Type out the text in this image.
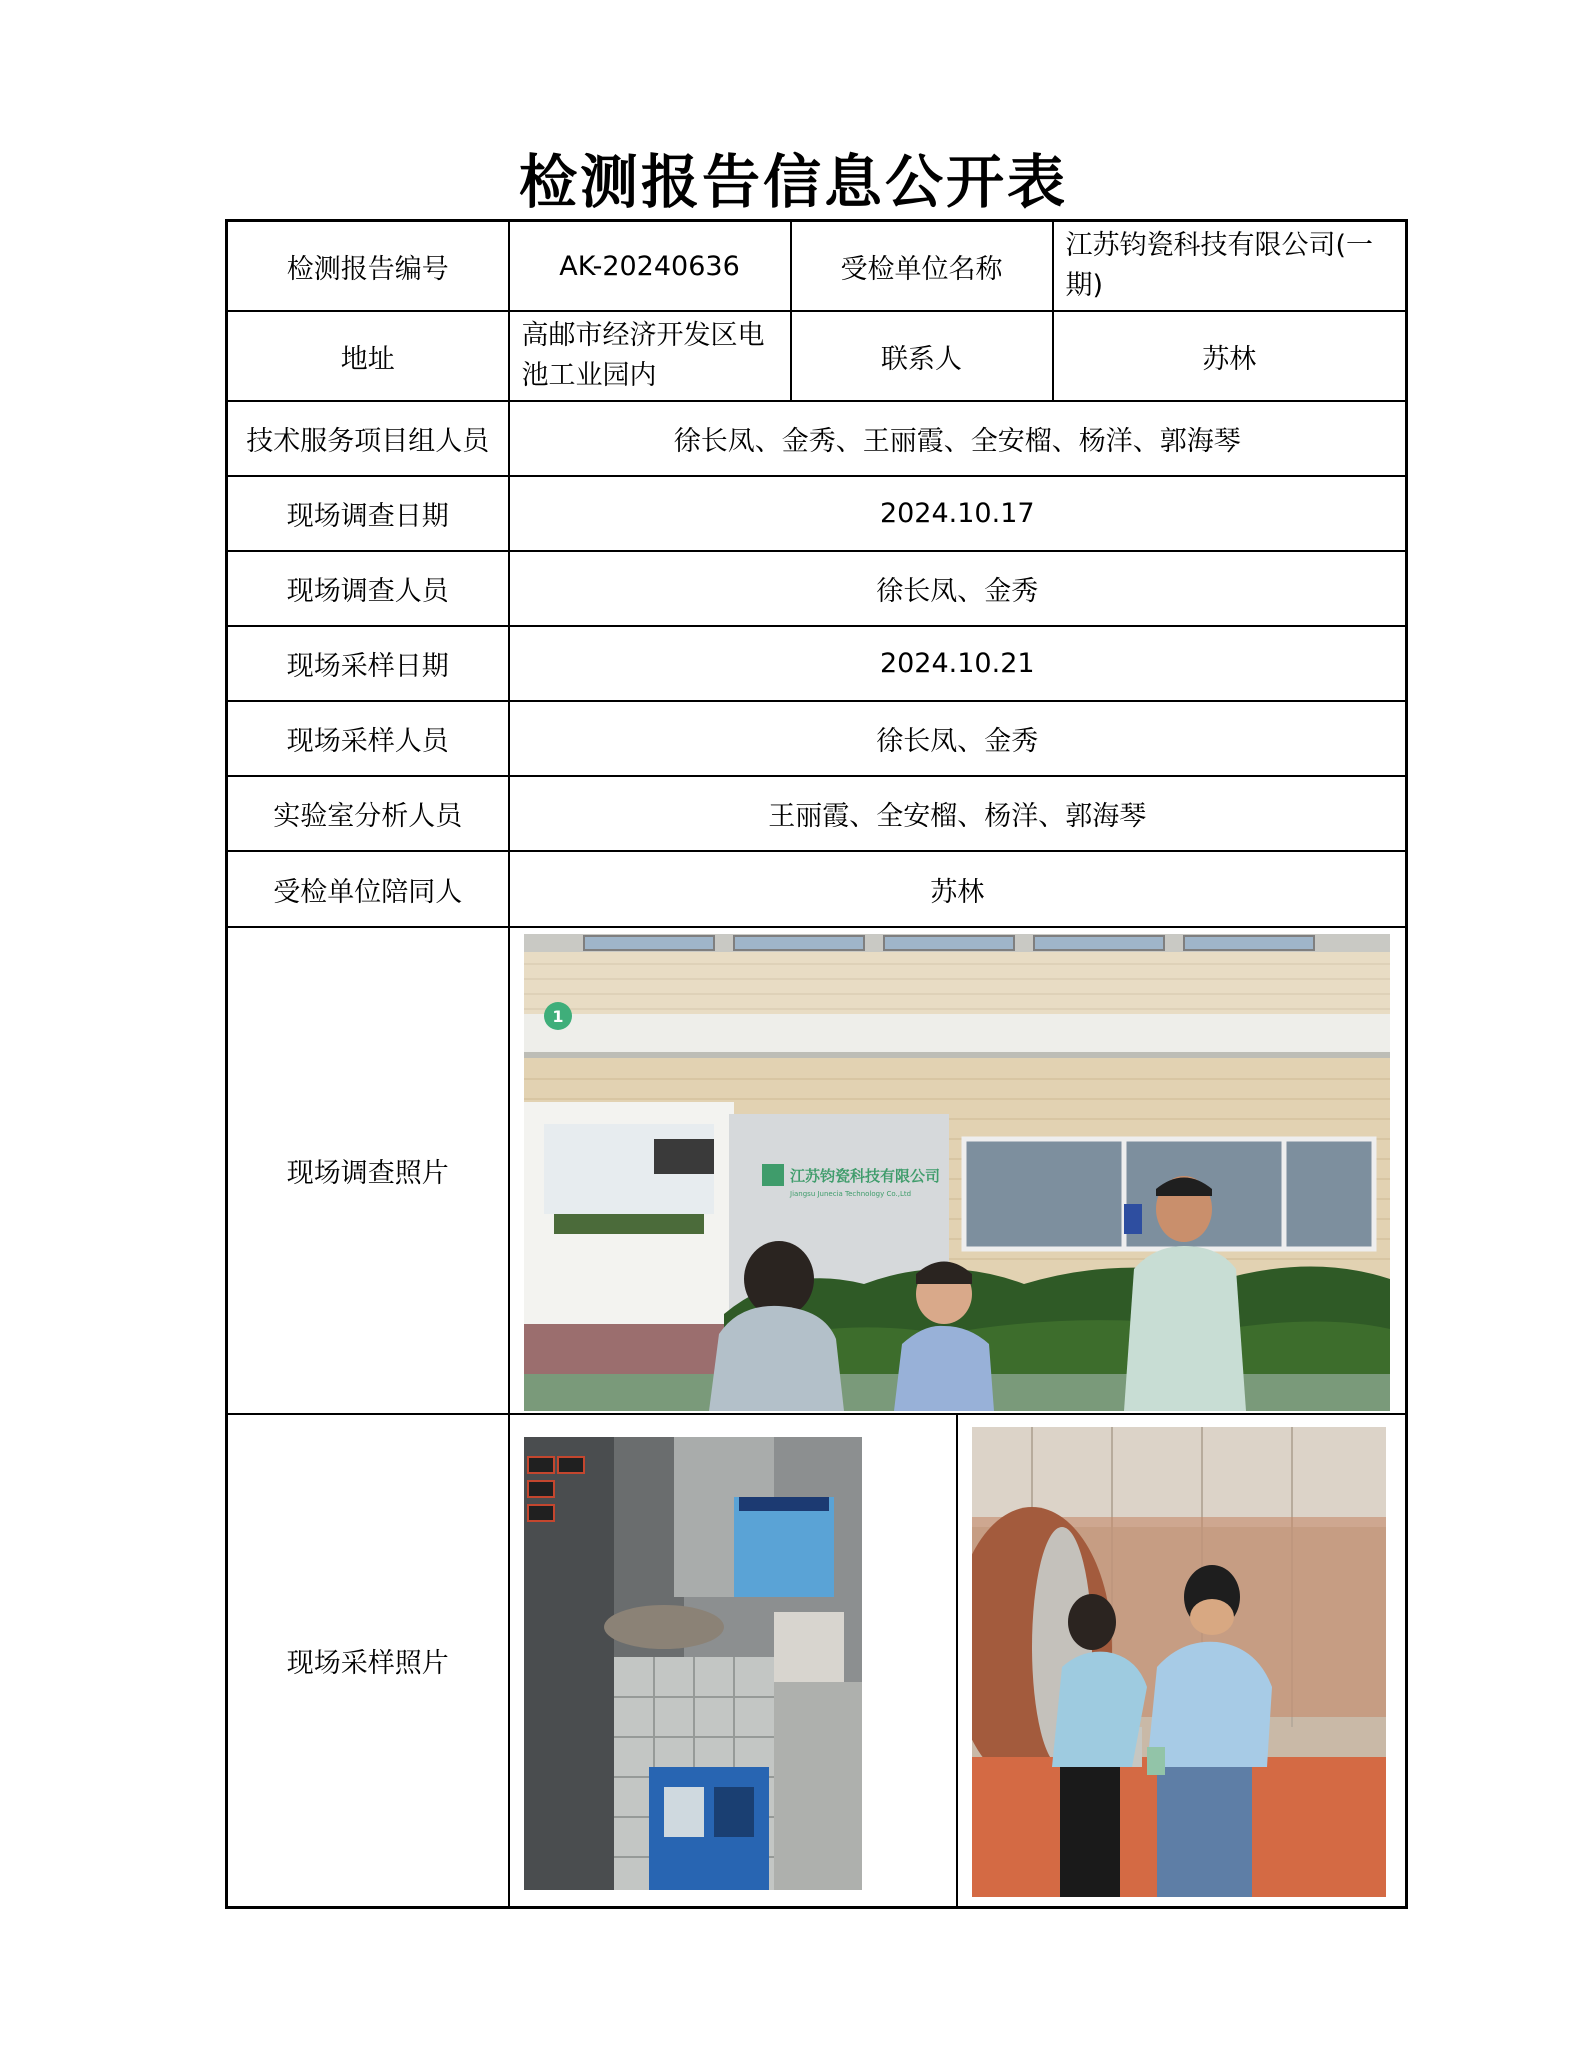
检测报告信息公开表
检测报告编号	AK-20240636	受检单位名称	江苏钧瓷科技有限公司(一期)
地址	高邮市经济开发区电池工业园内	联系人	苏林
技术服务项目组人员	徐长凤、金秀、王丽霞、全安榴、杨洋、郭海琴		
现场调查日期	2024.10.17		
现场调查人员	徐长凤、金秀		
现场采样日期	2024.10.21		
现场采样人员	徐长凤、金秀		
实验室分析人员	王丽霞、全安榴、杨洋、郭海琴		
受检单位陪同人	苏林		
现场调查照片	江苏钧瓷科技有限公司
Jiangsu Junecia Technology Co.,Ltd
1		

现场采样照片	
